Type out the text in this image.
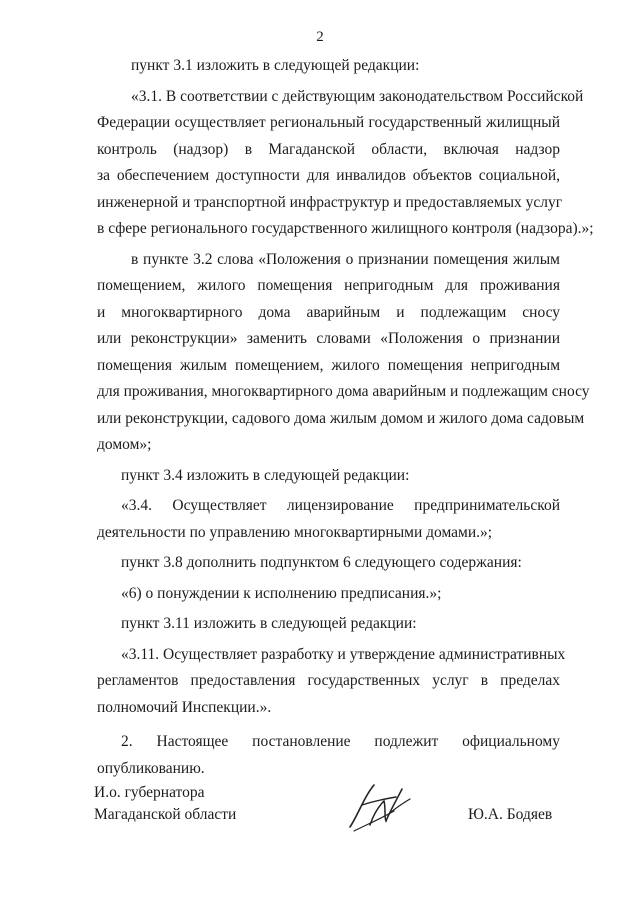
2
пункт 3.1 изложить в следующей редакции:
«3.1. В соответствии с действующим законодательством Российской
Федерации осуществляет региональный государственный жилищный
контроль (надзор) в Магаданской области, включая надзор
за обеспечением доступности для инвалидов объектов социальной,
инженерной и транспортной инфраструктур и предоставляемых услуг
в сфере регионального государственного жилищного контроля (надзора).»;
в пункте 3.2 слова «Положения о признании помещения жилым
помещением, жилого помещения непригодным для проживания
и многоквартирного дома аварийным и подлежащим сносу
или реконструкции» заменить словами «Положения о признании
помещения жилым помещением, жилого помещения непригодным
для проживания, многоквартирного дома аварийным и подлежащим сносу
или реконструкции, садового дома жилым домом и жилого дома садовым
домом»;
пункт 3.4 изложить в следующей редакции:
«3.4. Осуществляет лицензирование предпринимательской
деятельности по управлению многоквартирными домами.»;
пункт 3.8 дополнить подпунктом 6 следующего содержания:
«6) о понуждении к исполнению предписания.»;
пункт 3.11 изложить в следующей редакции:
«3.11. Осуществляет разработку и утверждение административных
регламентов предоставления государственных услуг в пределах
полномочий Инспекции.».
2. Настоящее постановление подлежит официальному
опубликованию.
И.о. губернатора
Магаданской области	Ю.А. Бодяев
